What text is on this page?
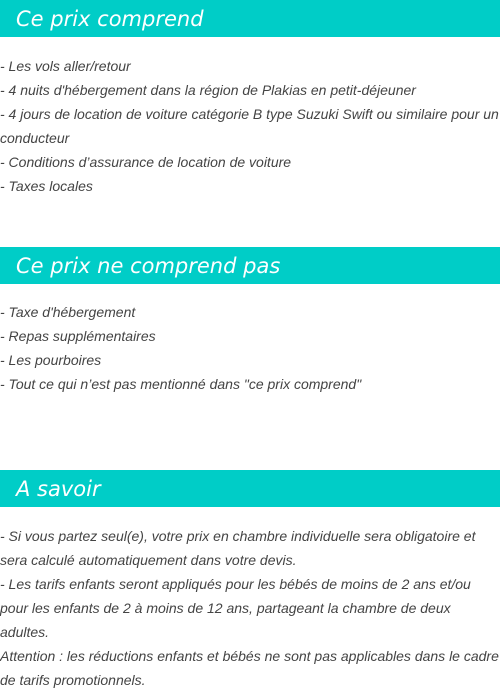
Ce prix comprend
- Les vols aller/retour
- 4 nuits d'hébergement dans la région de Plakias en petit-déjeuner
- 4 jours de location de voiture catégorie B type Suzuki Swift ou similaire pour un conducteur
- Conditions d’assurance de location de voiture
- Taxes locales
Ce prix ne comprend pas
- Taxe d'hébergement
- Repas supplémentaires
- Les pourboires
- Tout ce qui n’est pas mentionné dans "ce prix comprend"
A savoir
- Si vous partez seul(e), votre prix en chambre individuelle sera obligatoire et sera calculé automatiquement dans votre devis.
- Les tarifs enfants seront appliqués pour les bébés de moins de 2 ans et/ou pour les enfants de 2 à moins de 12 ans, partageant la chambre de deux adultes.
Attention : les réductions enfants et bébés ne sont pas applicables dans le cadre de tarifs promotionnels.
